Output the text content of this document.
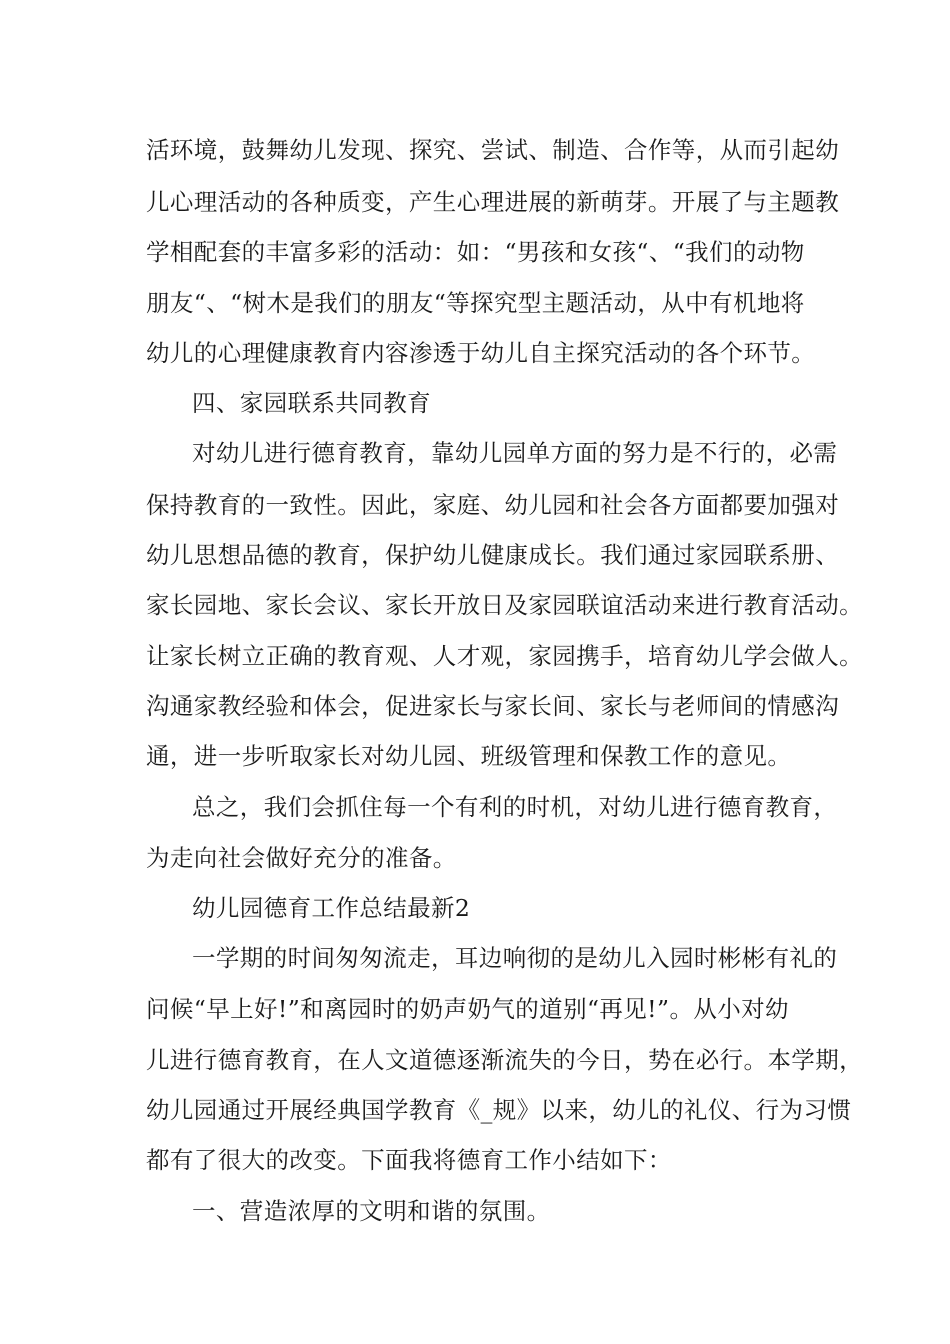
活环境，鼓舞幼儿发现、探究、尝试、制造、合作等，从而引起幼
儿心理活动的各种质变，产生心理进展的新萌芽。开展了与主题教
学相配套的丰富多彩的活动：如：“男孩和女孩“、“我们的动物
朋友“、“树木是我们的朋友“等探究型主题活动，从中有机地将
幼儿的心理健康教育内容渗透于幼儿自主探究活动的各个环节。
四、家园联系共同教育
对幼儿进行德育教育，靠幼儿园单方面的努力是不行的，必需
保持教育的一致性。因此，家庭、幼儿园和社会各方面都要加强对
幼儿思想品德的教育，保护幼儿健康成长。我们通过家园联系册、
家长园地、家长会议、家长开放日及家园联谊活动来进行教育活动。
让家长树立正确的教育观、人才观，家园携手，培育幼儿学会做人。
沟通家教经验和体会，促进家长与家长间、家长与老师间的情感沟
通，进一步听取家长对幼儿园、班级管理和保教工作的意见。
总之，我们会抓住每一个有利的时机，对幼儿进行德育教育，
为走向社会做好充分的准备。
幼儿园德育工作总结最新2
一学期的时间匆匆流走，耳边响彻的是幼儿入园时彬彬有礼的
问候“早上好!”和离园时的奶声奶气的道别“再见!”。从小对幼
儿进行德育教育，在人文道德逐渐流失的今日，势在必行。本学期，
幼儿园通过开展经典国学教育《_规》以来，幼儿的礼仪、行为习惯
都有了很大的改变。下面我将德育工作小结如下：
一、营造浓厚的文明和谐的氛围。
